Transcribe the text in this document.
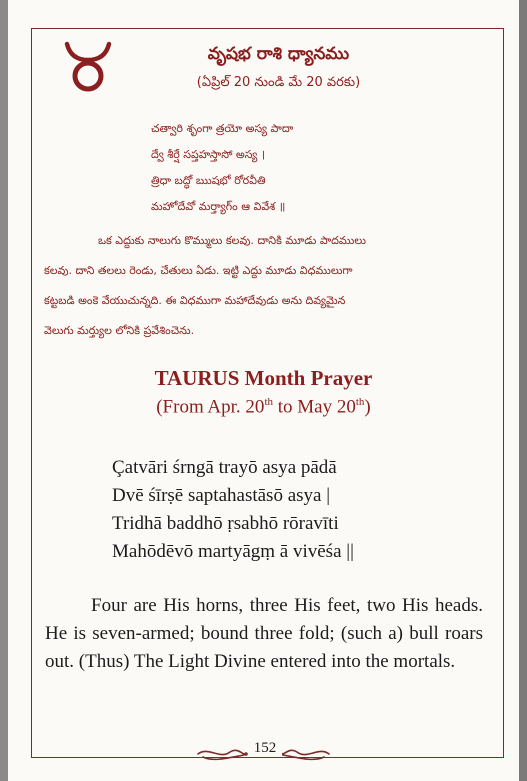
వృషభ రాశి ధ్యానము
(ఏప్రిల్ 20 నుండి మే 20 వరకు)
చత్వారి శృంగా త్రయో అస్య పాదా
ద్వే శీర్షే సప్తహస్తాసో అస్య ।
త్రిధా బద్ధో ఋషభో రోరవీతి
మహోదేవో మర్త్యాగ్ం ఆ వివేశ ॥
ఒక ఎద్దుకు నాలుగు కొమ్ములు కలవు. దానికి మూడు పాదములు
కలవు. దాని తలలు రెండు, చేతులు ఏడు. ఇట్టి ఎద్దు మూడు విధములుగా
కట్టబడి అంకె వేయుచున్నది. ఈ విధముగా మహాదేవుడు అను దివ్యమైన
వెలుగు మర్త్యుల లోనికి ప్రవేశించెను.
TAURUS Month Prayer
(From Apr. 20th to May 20th)
Çatvāri śrngā trayō asya pādā
Dvē śīrṣē saptahastāsō asya |
Tridhā baddhō ṛsabhō rōravīti
Mahōdēvō martyāgṃ ā vivēśa ||
Four are His horns, three His feet, two His heads. He is seven-armed; bound three fold; (such a) bull roars out. (Thus) The Light Divine entered into the mortals.
152
